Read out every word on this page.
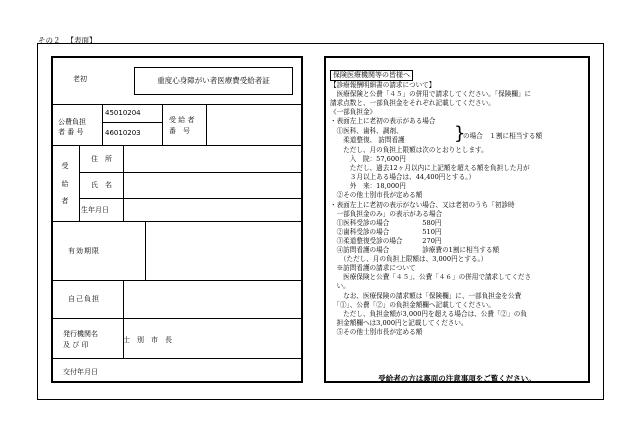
その２ 【表面】
老初	重度心身障がい者医療費受給者証
公費負担
者 番 号
45010204
46010203
受 給 者
番　号
受
給
者
住　所
氏　名
生年月日
有効期限
自己負担
発行機関名
及 び 印
士　別　市　長
交付年月日
保険医療機関等の皆様へ
【診療報酬明細書の請求について】
　医療保険と公費「４５」の併用で請求してください。「保険欄」に
請求点数と、一部負担金をそれぞれ記載してください。
《一部負担金》
・表面左上に老初の表示がある場合
　①医科、歯科、調剤、
　　柔道整復、 訪問看護	}
の場合　１割に相当する額
　　ただし、月の負担上限額は次のとおりとします。
　　　入　院：57,600円
　　　ただし、過去12ヶ月以内に上記額を超える額を負担した月が
　　　３月以上ある場合は、44,400円とする。）
　　　外　来：18,000円
　②その他士別市長が定める額
・表面左上に老初の表示がない場合、又は老初のうち「初診時
　一部負担金のみ」の表示がある場合
　①医科受診の場合　　　　　580円
　②歯科受診の場合　　　　　510円
　③柔道整復受診の場合　　　270円
　④訪問看護の場合　　　　　診療費の1割に相当する額
　　（ただし、月の負担上限額は、3,000円とする。）
　※訪問看護の請求について
　　医療保険と公費「４５」、公費「４６」の併用で請求してくださ
　い。
　　なお、医療保険の請求額は「保険欄」に、一部負担金を公費
　「①」、公費「②」の負担金額欄へ記載してください。
　　ただし、負担金額が3,000円を超える場合は、公費「②」の負
　担金額欄へは3,000円と記載してください。
　⑤その他士別市長が定める額
受給者の方は裏面の注意事項をご覧ください。
